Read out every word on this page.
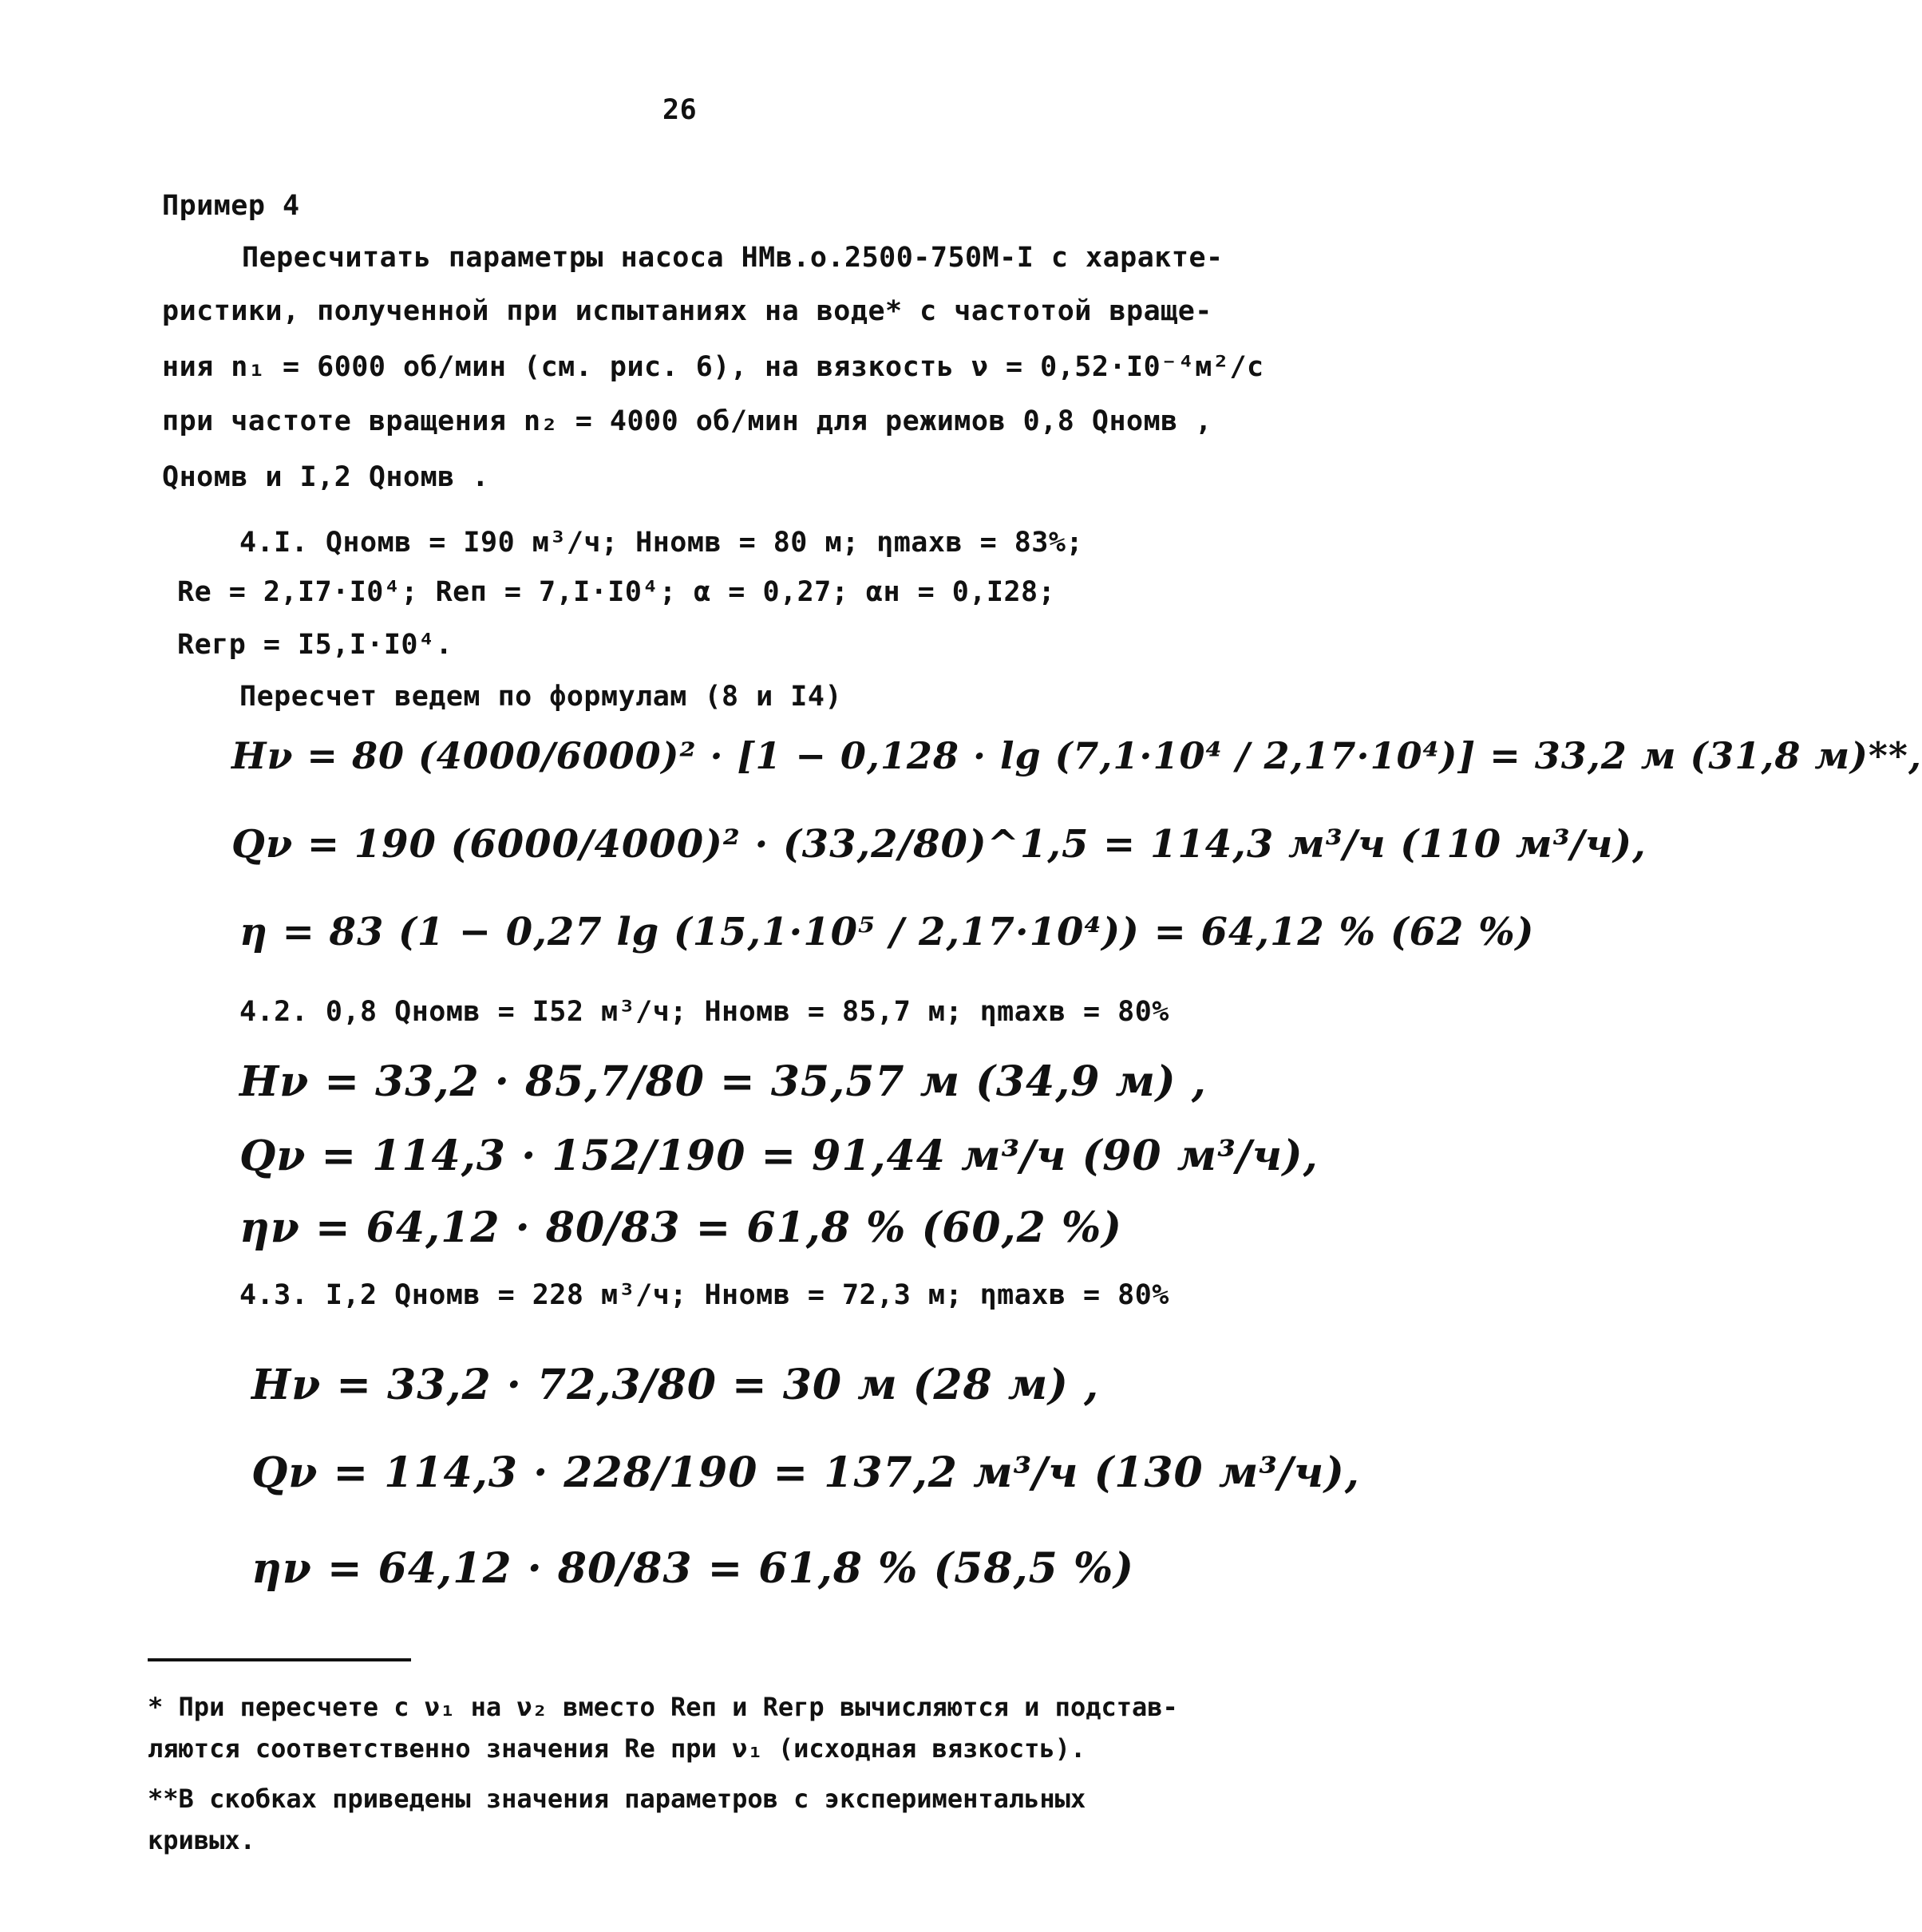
26
Пример 4
Пересчитать параметры насоса НМв.о.2500-750М-I с характе-
ристики, полученной при испытаниях на воде* с частотой враще-
ния n₁ = 6000 об/мин (см. рис. 6), на вязкость ν = 0,52·I0⁻⁴м²/с
при частоте вращения n₂ = 4000 об/мин для режимов 0,8 Qномв ,
Qномв и I,2 Qномв .
4.I. Qномв = I90 м³/ч; Нномв = 80 м; ηmaxв = 83%;
Re = 2,I7·I0⁴; Reп = 7,I·I0⁴; α = 0,27; αн = 0,I28;
Reгр = I5,I·I0⁴.
Пересчет ведем по формулам (8 и I4)
Hν = 80 (4000/6000)² · [1 − 0,128 · lg (7,1·10⁴ / 2,17·10⁴)] = 33,2 м (31,8 м)**,
Qν = 190 (6000/4000)² · (33,2/80)^1,5 = 114,3 м³/ч (110 м³/ч),
η = 83 (1 − 0,27 lg (15,1·10⁵ / 2,17·10⁴)) = 64,12 % (62 %)
4.2. 0,8 Qномв = I52 м³/ч; Нномв = 85,7 м; ηmaxв = 80%
Hν = 33,2 · 85,7/80 = 35,57 м (34,9 м) ,
Qν = 114,3 · 152/190 = 91,44 м³/ч (90 м³/ч),
ην = 64,12 · 80/83 = 61,8 % (60,2 %)
4.3. I,2 Qномв = 228 м³/ч; Нномв = 72,3 м; ηmaxв = 80%
Hν = 33,2 · 72,3/80 = 30 м (28 м) ,
Qν = 114,3 · 228/190 = 137,2 м³/ч (130 м³/ч),
ην = 64,12 · 80/83 = 61,8 % (58,5 %)
* При пересчете с ν₁ на ν₂ вместо Reп и Reгр вычисляются и подстав-
ляются соответственно значения Re при ν₁ (исходная вязкость).
**В скобках приведены значения параметров с экспериментальных
кривых.
